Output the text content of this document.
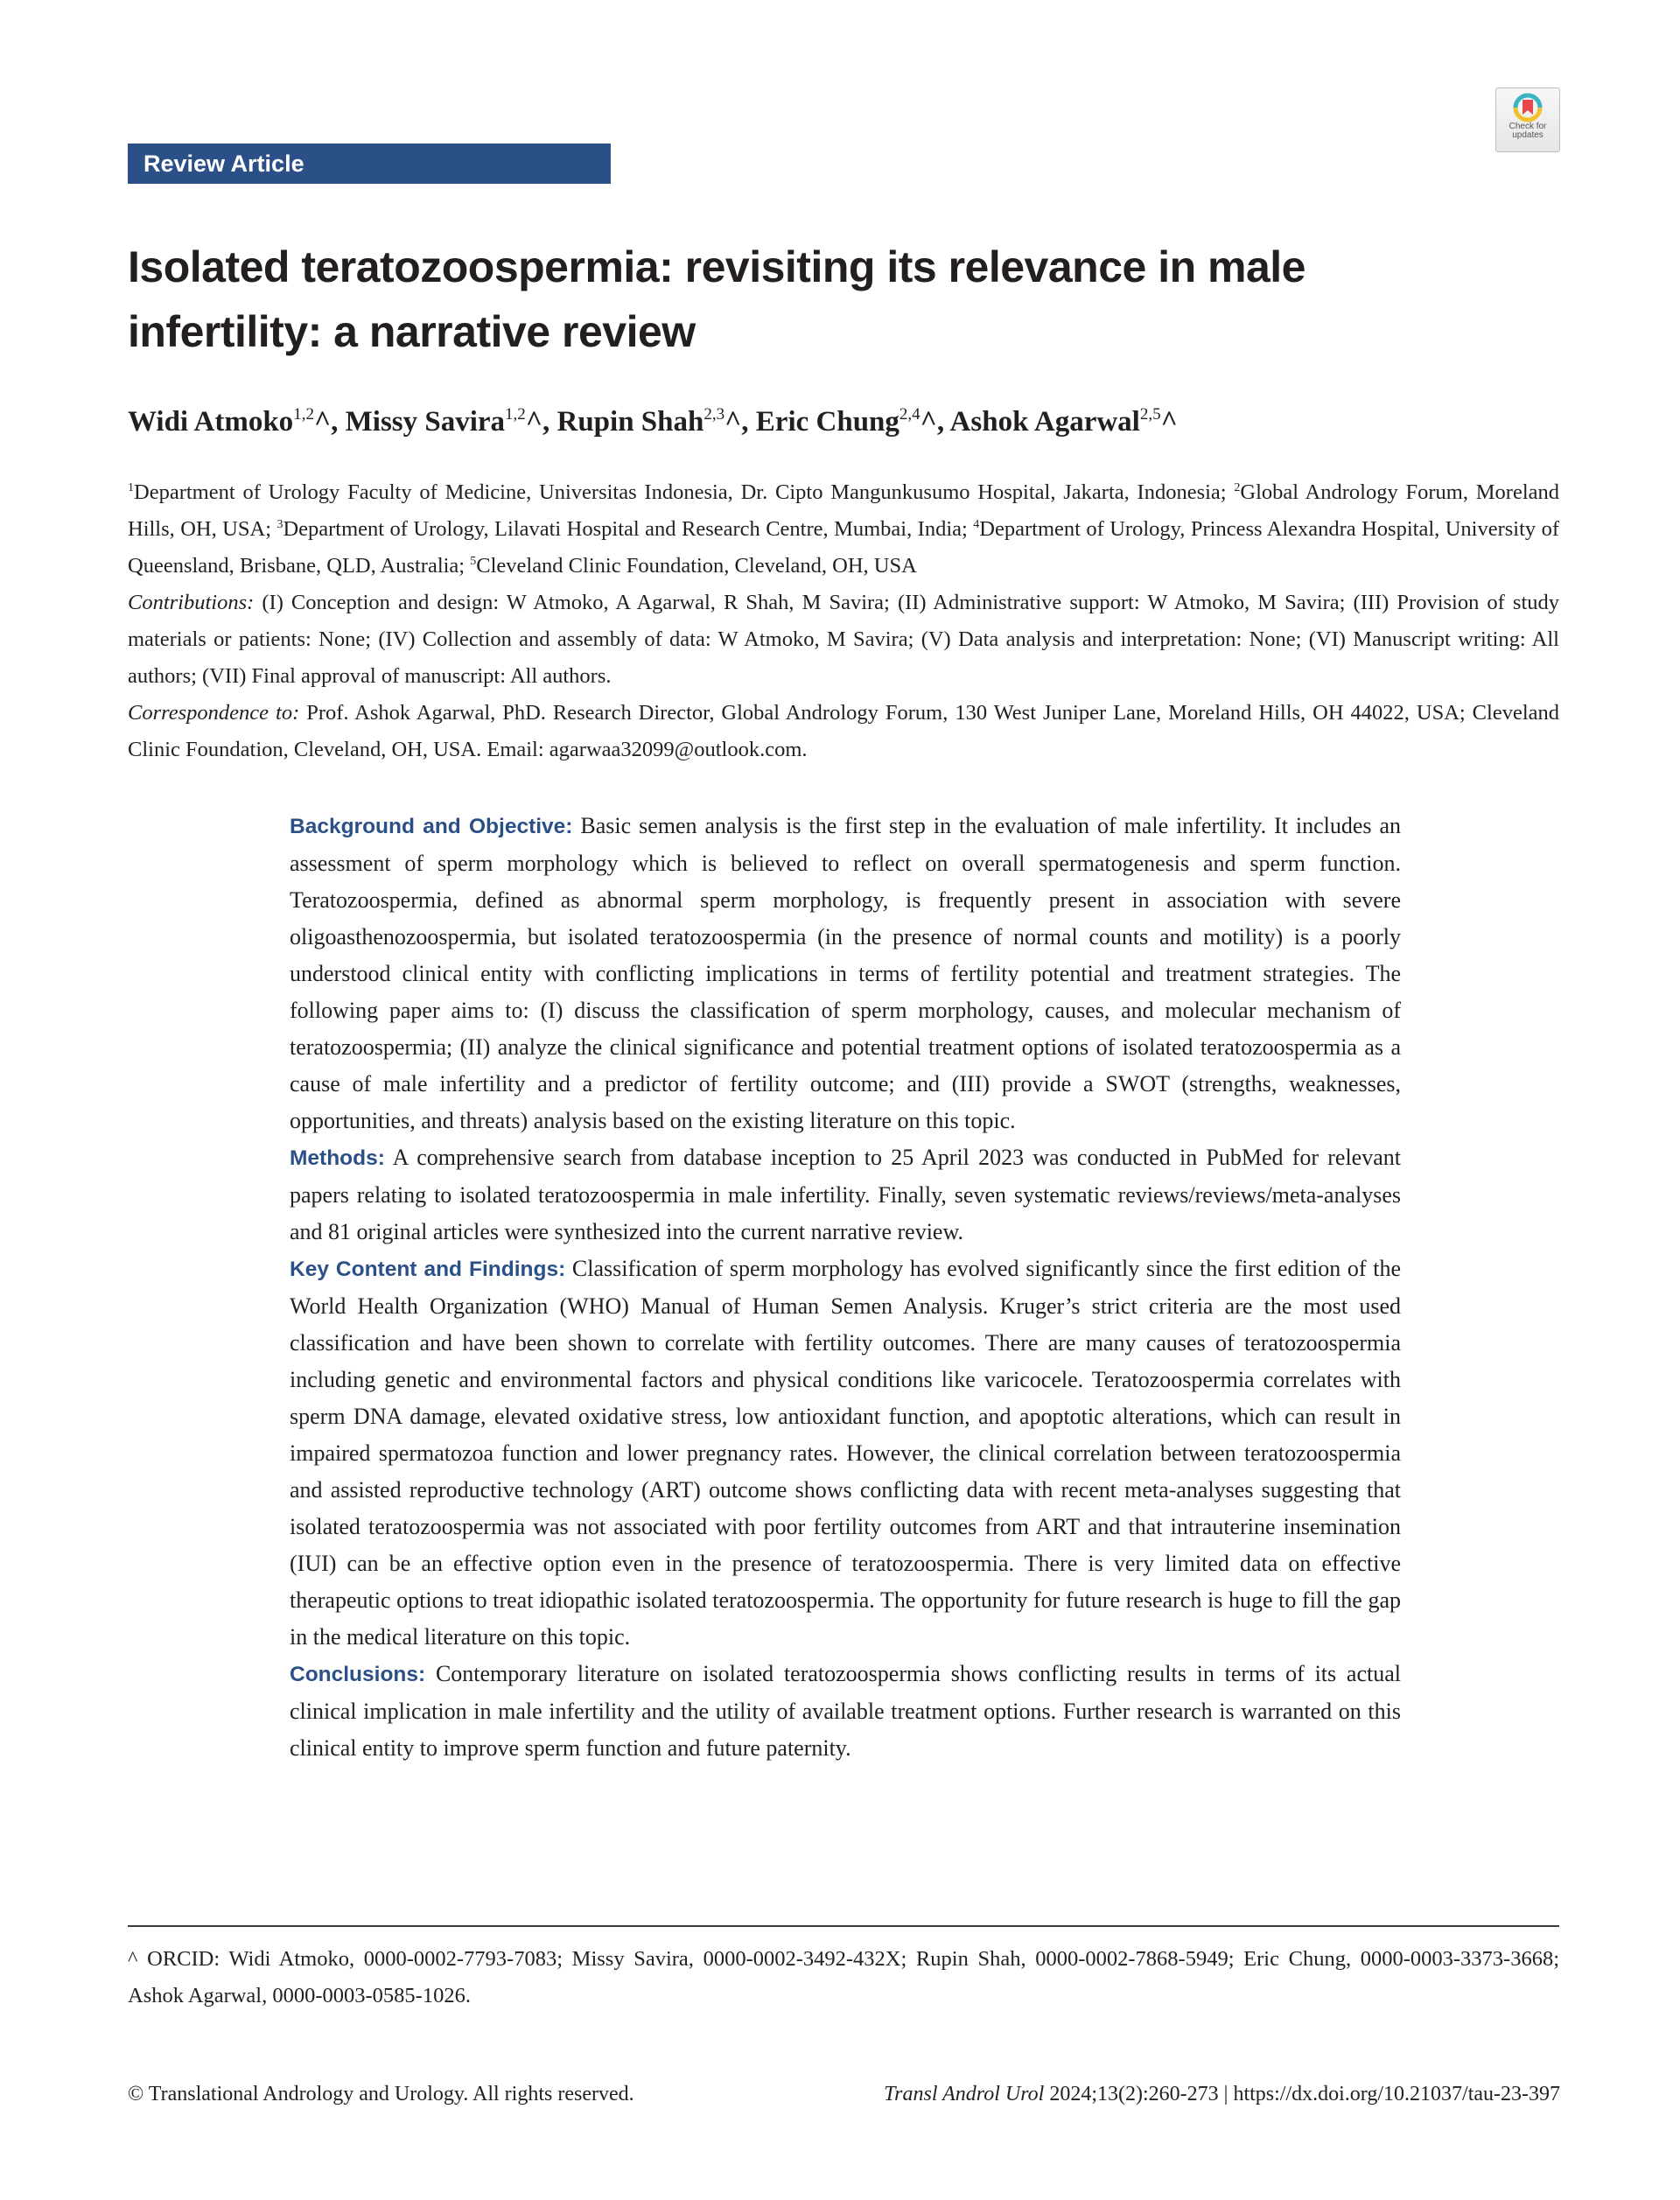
Review Article
Check for
updates
Isolated teratozoospermia: revisiting its relevance in male infertility: a narrative review
Widi Atmoko$^{1,2}$^, Missy Savira$^{1,2}$^, Rupin Shah$^{2,3}$^, Eric Chung$^{2,4}$^, Ashok Agarwal$^{2,5}$^

$^1$Department of Urology Faculty of Medicine, Universitas Indonesia, Dr. Cipto Mangunkusumo Hospital, Jakarta, Indonesia; $^2$Global Andrology Forum, Moreland Hills, OH, USA; $^3$Department of Urology, Lilavati Hospital and Research Centre, Mumbai, India; $^4$Department of Urology, Princess Alexandra Hospital, University of Queensland, Brisbane, QLD, Australia; $^5$Cleveland Clinic Foundation, Cleveland, OH, USA

Contributions: (I) Conception and design: W Atmoko, A Agarwal, R Shah, M Savira; (II) Administrative support: W Atmoko, M Savira; (III) Provision of study materials or patients: None; (IV) Collection and assembly of data: W Atmoko, M Savira; (V) Data analysis and interpretation: None; (VI) Manuscript writing: All authors; (VII) Final approval of manuscript: All authors.

Correspondence to: Prof. Ashok Agarwal, PhD. Research Director, Global Andrology Forum, 130 West Juniper Lane, Moreland Hills, OH 44022, USA; Cleveland Clinic Foundation, Cleveland, OH, USA. Email: agarwaa32099@outlook.com.

Background and Objective: Basic semen analysis is the first step in the evaluation of male infertility. It includes an assessment of sperm morphology which is believed to reflect on overall spermatogenesis and sperm function. Teratozoospermia, defined as abnormal sperm morphology, is frequently present in association with severe oligoasthenozoospermia, but isolated teratozoospermia (in the presence of normal counts and motility) is a poorly understood clinical entity with conflicting implications in terms of fertility potential and treatment strategies. The following paper aims to: (I) discuss the classification of sperm morphology, causes, and molecular mechanism of teratozoospermia; (II) analyze the clinical significance and potential treatment options of isolated teratozoospermia as a cause of male infertility and a predictor of fertility outcome; and (III) provide a SWOT (strengths, weaknesses, opportunities, and threats) analysis based on the existing literature on this topic.

Methods: A comprehensive search from database inception to 25 April 2023 was conducted in PubMed for relevant papers relating to isolated teratozoospermia in male infertility. Finally, seven systematic reviews/reviews/meta-analyses and 81 original articles were synthesized into the current narrative review.

Key Content and Findings: Classification of sperm morphology has evolved significantly since the first edition of the World Health Organization (WHO) Manual of Human Semen Analysis. Kruger’s strict criteria are the most used classification and have been shown to correlate with fertility outcomes. There are many causes of teratozoospermia including genetic and environmental factors and physical conditions like varicocele. Teratozoospermia correlates with sperm DNA damage, elevated oxidative stress, low antioxidant function, and apoptotic alterations, which can result in impaired spermatozoa function and lower pregnancy rates. However, the clinical correlation between teratozoospermia and assisted reproductive technology (ART) outcome shows conflicting data with recent meta-analyses suggesting that isolated teratozoospermia was not associated with poor fertility outcomes from ART and that intrauterine insemination (IUI) can be an effective option even in the presence of teratozoospermia. There is very limited data on effective therapeutic options to treat idiopathic isolated teratozoospermia. The opportunity for future research is huge to fill the gap in the medical literature on this topic.

Conclusions: Contemporary literature on isolated teratozoospermia shows conflicting results in terms of its actual clinical implication in male infertility and the utility of available treatment options. Further research is warranted on this clinical entity to improve sperm function and future paternity.

^ ORCID: Widi Atmoko, 0000-0002-7793-7083; Missy Savira, 0000-0002-3492-432X; Rupin Shah, 0000-0002-7868-5949; Eric Chung, 0000-0003-3373-3668; Ashok Agarwal, 0000-0003-0585-1026.
© Translational Andrology and Urology. All rights reserved.	Transl Androl Urol 2024;13(2):260-273 | https://dx.doi.org/10.21037/tau-23-397
